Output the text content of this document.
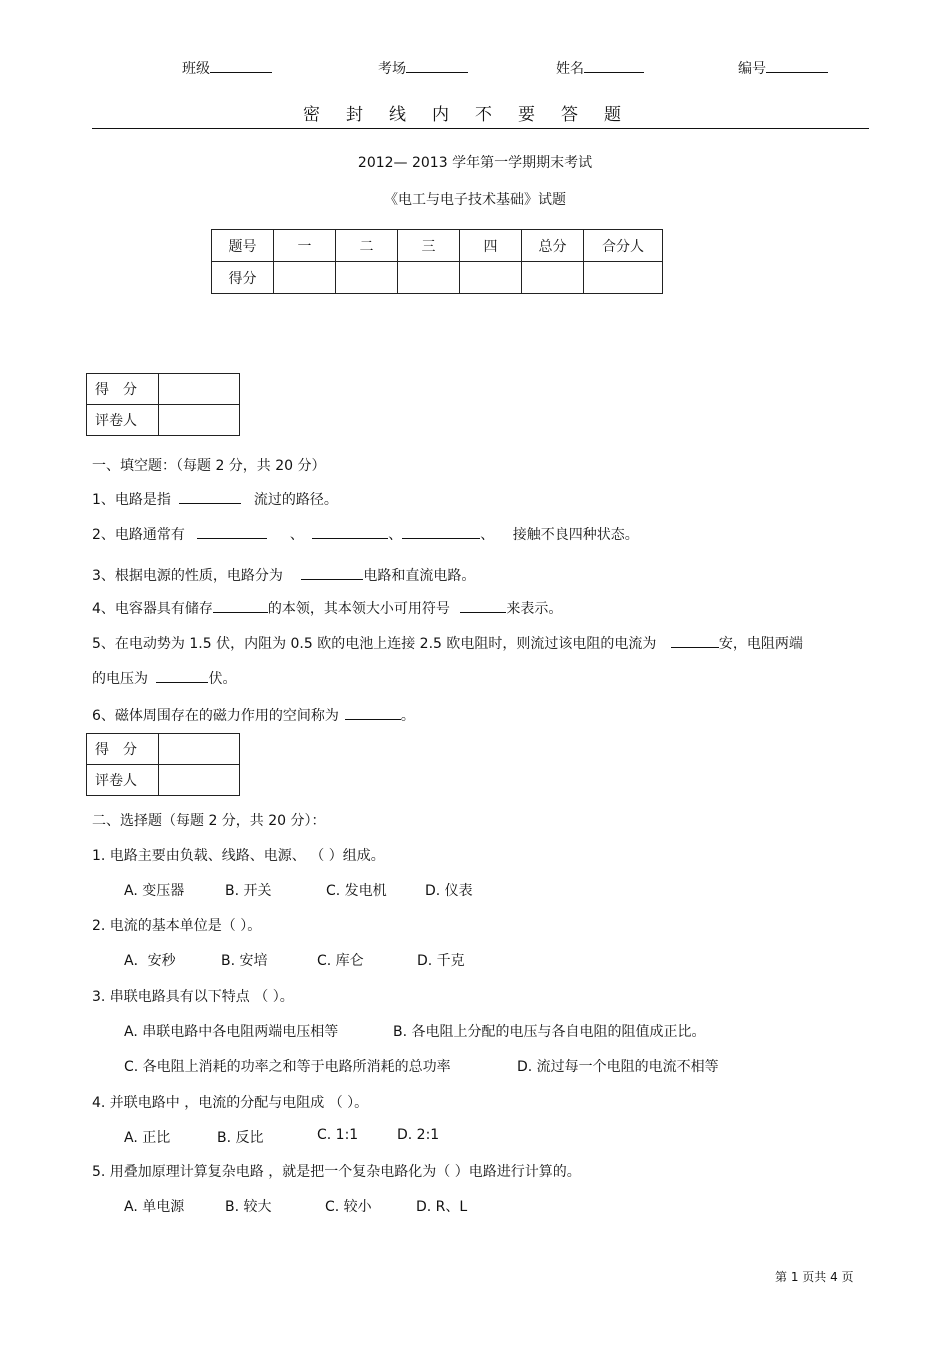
班级	考场	姓名	编号
密封线内不要答题
2012— 2013 学年第一学期期末考试
《电工与电子技术基础》试题
题号	一	二	三	四	总分	合分人
得分						
得　分	
评卷人	
一、填空题：（每题 2 分，共 20 分）
1、电路是指	流过的路径。
2、电路通常有	、	、	、 接触不良四种状态。
3、根据电源的性质，电路分为	电路和直流电路。
4、电容器具有储存	的本领，其本领大小可用符号	来表示。
5、在电动势为 1.5 伏，内阻为 0.5 欧的电池上连接 2.5 欧电阻时，则流过该电阻的电流为	安，电阻两端
的电压为	伏。
6、磁体周围存在的磁力作用的空间称为	。
得　分	
评卷人	
二、选择题（每题 2 分，共 20 分）：
1. 电路主要由负载、线路、电源、 （ ）组成。
A. 变压器	B. 开关	C. 发电机	D. 仪表
2. 电流的基本单位是（ ）。
A．安秒	B. 安培	C. 库仑	D. 千克
3. 串联电路具有以下特点 （ ）。
A. 串联电路中各电阻两端电压相等	B. 各电阻上分配的电压与各自电阻的阻值成正比。
C. 各电阻上消耗的功率之和等于电路所消耗的总功率	D. 流过每一个电阻的电流不相等
4. 并联电路中 ，电流的分配与电阻成 （ ）。
A. 正比	B. 反比	C. 1:1	D. 2:1
5. 用叠加原理计算复杂电路 ，就是把一个复杂电路化为（ ）电路进行计算的。
A. 单电源	B. 较大	C. 较小	D. R、L
第 1 页共 4 页
